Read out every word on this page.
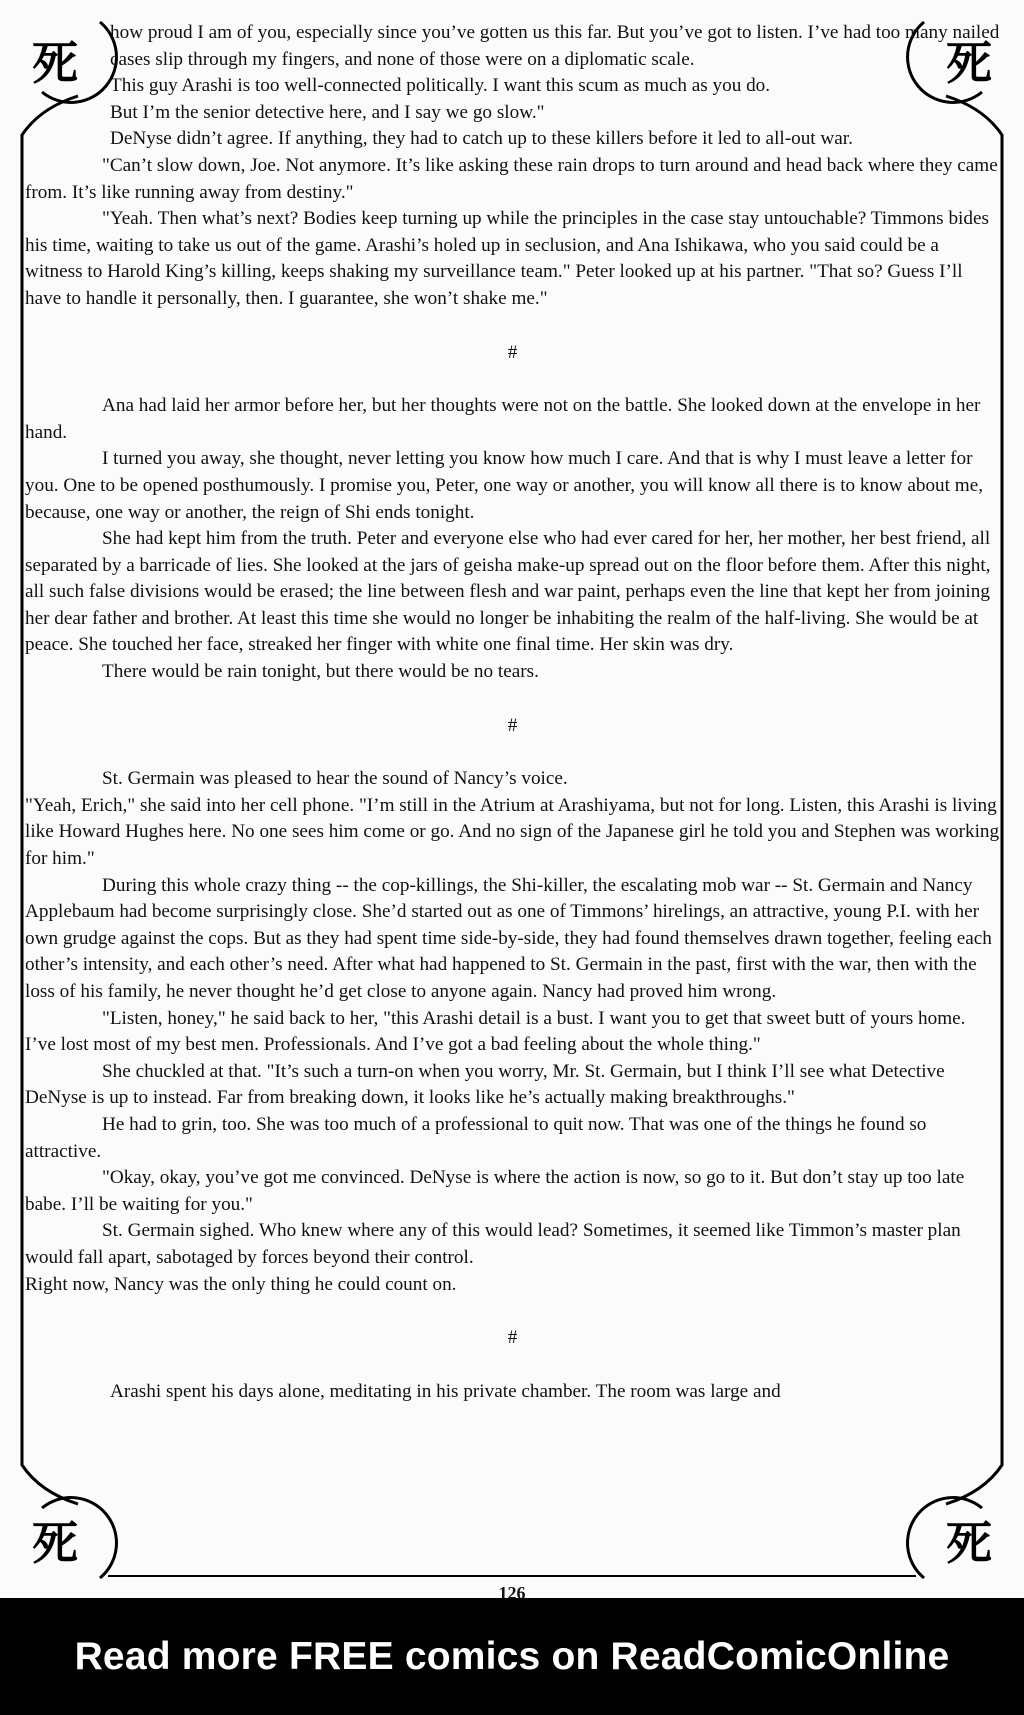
死	死
死	死

how proud I am of you, especially since you’ve gotten us this far. But you’ve got to listen. I’ve had too many nailed cases slip through my fingers, and none of those were on a diplomatic scale.

This guy Arashi is too well-connected politically. I want this scum as much as you do.

But I’m the senior detective here, and I say we go slow."

DeNyse didn’t agree. If anything, they had to catch up to these killers before it led to all-out war.

"Can’t slow down, Joe. Not anymore. It’s like asking these rain drops to turn around and head back where they came from. It’s like running away from destiny."

"Yeah. Then what’s next? Bodies keep turning up while the principles in the case stay untouchable? Timmons bides his time, waiting to take us out of the game. Arashi’s holed up in seclusion, and Ana Ishikawa, who you said could be a witness to Harold King’s killing, keeps shaking my surveillance team." Peter looked up at his partner. "That so? Guess I’ll have to handle it personally, then. I guarantee, she won’t shake me."

#

Ana had laid her armor before her, but her thoughts were not on the battle. She looked down at the envelope in her hand.

I turned you away, she thought, never letting you know how much I care. And that is why I must leave a letter for you. One to be opened posthumously. I promise you, Peter, one way or another, you will know all there is to know about me, because, one way or another, the reign of Shi ends tonight.

She had kept him from the truth. Peter and everyone else who had ever cared for her, her mother, her best friend, all separated by a barricade of lies. She looked at the jars of geisha make-up spread out on the floor before them. After this night, all such false divisions would be erased; the line between flesh and war paint, perhaps even the line that kept her from joining her dear father and brother. At least this time she would no longer be inhabiting the realm of the half-living. She would be at peace. She touched her face, streaked her finger with white one final time. Her skin was dry.

There would be rain tonight, but there would be no tears.

#

St. Germain was pleased to hear the sound of Nancy’s voice.

"Yeah, Erich," she said into her cell phone. "I’m still in the Atrium at Arashiyama, but not for long. Listen, this Arashi is living like Howard Hughes here. No one sees him come or go. And no sign of the Japanese girl he told you and Stephen was working for him."

During this whole crazy thing -- the cop-killings, the Shi-killer, the escalating mob war -- St. Germain and Nancy Applebaum had become surprisingly close. She’d started out as one of Timmons’ hirelings, an attractive, young P.I. with her own grudge against the cops. But as they had spent time side-by-side, they had found themselves drawn together, feeling each other’s intensity, and each other’s need. After what had happened to St. Germain in the past, first with the war, then with the loss of his family, he never thought he’d get close to anyone again. Nancy had proved him wrong.

"Listen, honey," he said back to her, "this Arashi detail is a bust. I want you to get that sweet butt of yours home. I’ve lost most of my best men. Professionals. And I’ve got a bad feeling about the whole thing."

She chuckled at that. "It’s such a turn-on when you worry, Mr. St. Germain, but I think I’ll see what Detective DeNyse is up to instead. Far from breaking down, it looks like he’s actually making breakthroughs."

He had to grin, too. She was too much of a professional to quit now. That was one of the things he found so attractive.

"Okay, okay, you’ve got me convinced. DeNyse is where the action is now, so go to it. But don’t stay up too late babe. I’ll be waiting for you."

St. Germain sighed. Who knew where any of this would lead? Sometimes, it seemed like Timmon’s master plan would fall apart, sabotaged by forces beyond their control.

Right now, Nancy was the only thing he could count on.

#

Arashi spent his days alone, meditating in his private chamber. The room was large and

126
Read more FREE comics on ReadComicOnline
